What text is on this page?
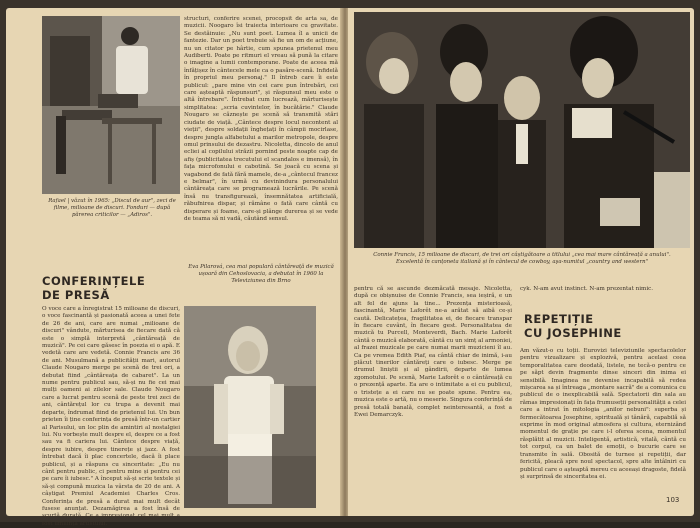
Rafael | văzut în 1965: „Discul de aur", zeci de filme, milioane de discuri. Fonduri — după părerea criticilor — „Adiros".
structuri, conferire scenei, procopsit de arta sa, de muzicii. Noogaro îsi traiecta interioare cu gravitate. Se destăinuie: „Nu sunt poet. Lumea îl a unicii de fantezie. Dar un poet trebuie să fie un om de acțiune, nu un citator pe hârtie, cum spunea prietenul meu Audiberti. Poate pe ritmuri el vreau să pună la citare o imagine a lumii contemporane. Poate de aceea mă înfățișez în cântecele mele ca o pasăre-scenă. Infidelă în propriul meu personaj." Il întreb care îi este publicul: „pare mine vin cei care pun întrebări, cei care așteaptă răspunsuri", și răspunsul meu este o altă întrebare". Întrebat cum lucrează, mărturisește simplitatea: „scria cuvintelor, în bucătărie." Claude Nougaro se căznește pe scenă să transmită stări ciudate de viață. „Cântece despre locul necontent al vieții", despre soldații înghețați în câmpii mocirlase, despre jungla alfabetului a marilor metropole, despre omul prinsului de dezastru. Nicoletta, dincolo de anul ecliei al copilului străzii pornind peste noapte cap de afiș (publicitatea trecutului el scandalos e imensă), în fața microfonului e cabotină. Se joacă cu scena și vagabond de fată fără mamele, de-a „cântecul francez e belmar", în urmă cu devinindura personalului cântăreața care se programează lucrările. Pe scenă însă nu transfigurează, însemnătatea artificială, răbufnirea dispar, și rămâne o fată care cântă cu disperare și foame, care-și plânge durerea și se vede de teama să ni vadă, căutând sensul.
CONFERINȚELE
DE PRESĂ
Eva Pilarová, cea mai populară cântăreață de muzică ușoară din Cehoslovacia, a debutat în 1960 la Televiziunea din Brno
O voce care a înregistrat 15 milioane de discuri, o voce fascinantă și pasionată aceea a unei fete de 26 de ani, care are numai „milioane de discuri" vândute, mărturisea de fiecare dată că este o simplă interpretă „cântăreață de muzică". Pe cei care găsesc în poezia ei o apă. E vedetă care are vedetă. Connie Francis are 36 de ani. Musulmană a publicității mari, autorul Claude Nougaro merge pe scenă de trei ori, a debutat fiind „cântăreața de cabaret". La un nume pentru publicul sau, să-și nu fie cei mai mulți oameni ai zilelor sale. Claude Nougaro care a lucrat pentru scenă de peste trei zeci de ani, cântărețul lor cu trupa a devenit mai departe, îndrumat fiind de prietenul lui. Un bun prieten îi ține conferința de presă într-un cartier al Parisului, un loc plin de amintiri al nostalgiei lui. Nu vorbește mult despre el, despre ce a fost sau va fi cariera lui. Cântece despre viață, despre iubire, despre tinerețe și jazz. A fost întrebat dacă îi plac concertele, dacă îi place publicul, și a răspuns cu sinceritate: „Eu nu cânt pentru public, ci pentru mine și pentru cei pe care îi iubesc." A început să-și scrie textele și să-și compună muzica la vârsta de 20 de ani. A câștigat Premiul Academiei Charles Cros. Conferința de presă a durat mai mult decât fusese anunțat. Dezamăgirea a fost însă de scurtă durată. Ce a impresionat cel mai mult a fost umilința artistului.
Connie Francis, 15 milioane de discuri, de trei ori câștigătoare a titlului „cea mai mare cântăreață a anului". Excelentă în canțoneta italiană și în cântecul de cowboy, aşa-numitul „country and western"
pentru că se ascunde dezmăcată mesaje. Nicoletta, după ce obișnuise de Connie Francis, sea ieșiră, e un alt fel de ajuns la tine... Prezența misterioasă, fascinantă, Marie Laforêt ne-a arătat să aibă ce-și caută. Delicatețea, fragilitatea ei, de fiecare transpar în fiecare cuvânt, în fiecare gest. Personalitatea de muzică tu Purcell, Monteverdi, Bach. Marie Laforêt cântă o muzică elaborată, cântă cu un simț al armoniei, al frazei muzicale pe care numai marii muzicieni îl au. Ca pe vremea Edith Piaf, ea cântă chiar de inimă, i-au plăcut tinerilor cântăreți care o iubesc. Merge pe drumul liniștii și al gândirii, departe de lumea zgomotului. Pe scenă, Marie Laforêt e o cântăreață cu o prezență aparte. Ea are o intimitate a ei cu publicul, o tristețe a ei care nu se poate spune. Pentru ea, muzica este o artă, nu o meserie. Singura conferință de presă totală banală, complet neinteresantă, a fost a Ewei Demarczyk.
cyk. N-am avut instinct. N-am prezentat nimic.
REPETIȚIE
CU JOSEPHINE
Am văzut-o cu toții. Eurovizi televiziunile spectacolelor pentru vizualizare și explozivă, pentru acelasi ceea temporalitatea care deodată, listele, ne tecă-o pentru ce pe săpt devin fragmente dinse sinceri din inima ei sensibilă. Imaginea ne devenise incapabilă să redea mișcarea sa și întreaga „montare sacră" de a comunica cu publicul de o inexplicabilă sală. Spectatorii din sala au rămas impresionați în fața frumuseții personalității a celei care a intrat în mitologia „anilor nebuni": superba și fermecătoarea Josephine, spirituală și tânără, capabilă să exprime în mod original atmosfera și cultura, eternizând momentul de grație pe care i-l oferea scena, momentul răsplătit al muzicii. Inteligentă, artistică, vitală, cântă cu tot corpul, ca un balet de emoții, o bucurie care se transmite în sală. Obosită de turnee și repetiții, dar fericită, pleacă spre noul spectacol, spre alte întâlniri cu publicul care o așteaptă mereu cu aceeași dragoste, fidelă și surprinsă de sinceritatea ei.
103
